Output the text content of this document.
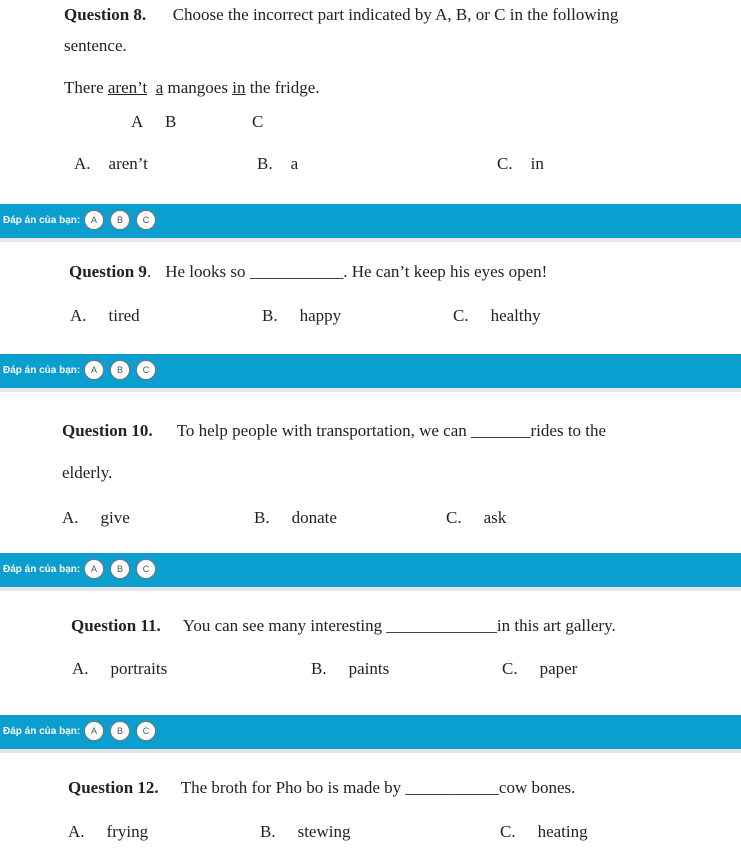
Question 8. Choose the incorrect part indicated by A, B, or C in the following
sentence.
There aren’t a mangoes in the fridge.
A B	C
A. aren’t	B. a	C. in
Đáp án của bạn:	A	B	C
Question 9. He looks so ___________. He can’t keep his eyes open!
A. tired	B. happy	C. healthy
Đáp án của bạn:	A	B	C
Question 10. To help people with transportation, we can _______rides to the
elderly.
A. give	B. donate	C. ask
Đáp án của bạn:	A	B	C
Question 11. You can see many interesting _____________in this art gallery.
A. portraits	B. paints	C. paper
Đáp án của bạn:	A	B	C
Question 12. The broth for Pho bo is made by ___________cow bones.
A. frying	B. stewing	C. heating
